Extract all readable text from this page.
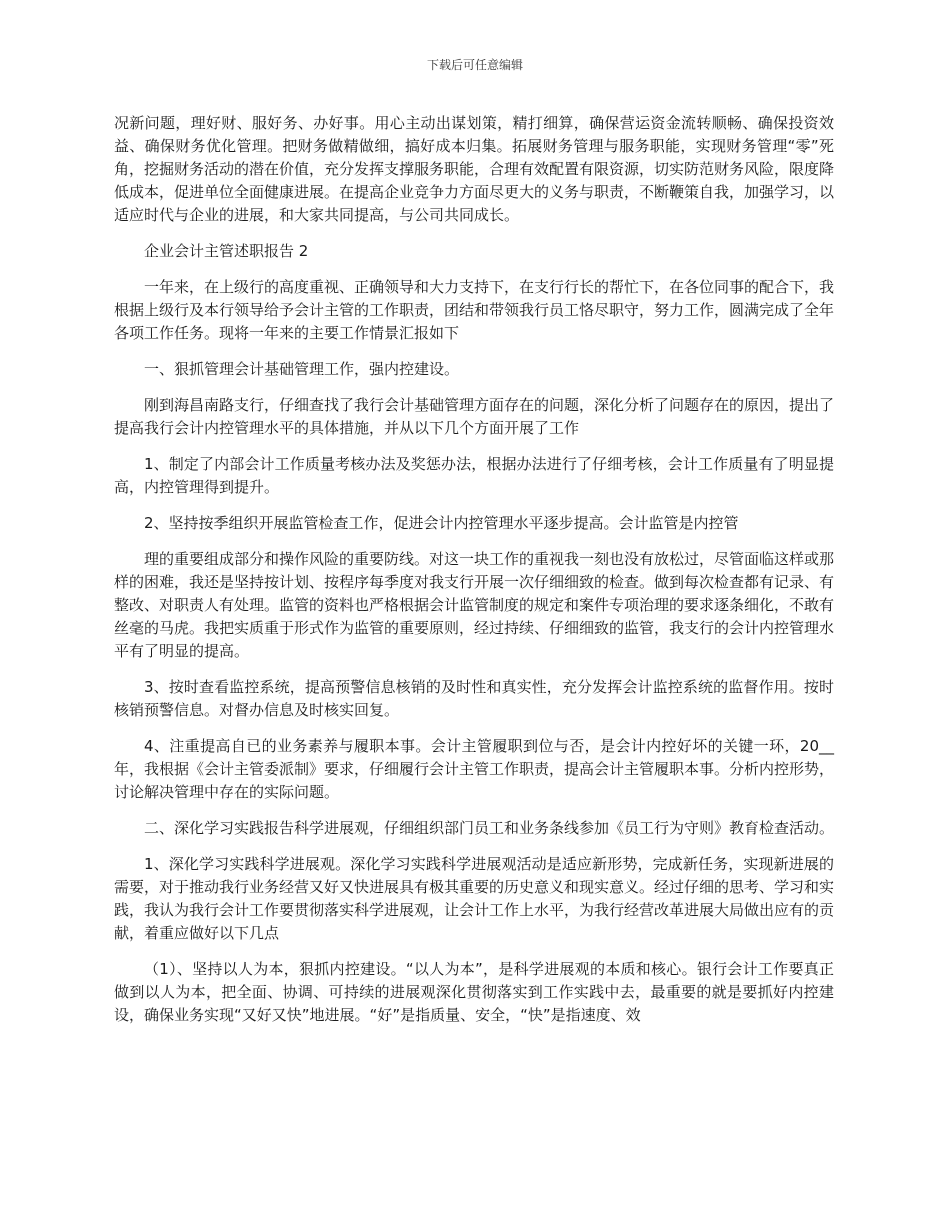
下载后可任意编辑

况新问题，理好财、服好务、办好事。用心主动出谋划策，精打细算，确保营运资金流转顺畅、确保投资效益、确保财务优化管理。把财务做精做细，搞好成本归集。拓展财务管理与服务职能，实现财务管理“零”死角，挖掘财务活动的潜在价值，充分发挥支撑服务职能，合理有效配置有限资源，切实防范财务风险，限度降低成本，促进单位全面健康进展。在提高企业竞争力方面尽更大的义务与职责，不断鞭策自我，加强学习，以适应时代与企业的进展，和大家共同提高，与公司共同成长。

企业会计主管述职报告 2

一年来，在上级行的高度重视、正确领导和大力支持下，在支行行长的帮忙下，在各位同事的配合下，我根据上级行及本行领导给予会计主管的工作职责，团结和带领我行员工恪尽职守，努力工作，圆满完成了全年各项工作任务。现将一年来的主要工作情景汇报如下

一、狠抓管理会计基础管理工作，强内控建设。

刚到海昌南路支行，仔细查找了我行会计基础管理方面存在的问题，深化分析了问题存在的原因，提出了提高我行会计内控管理水平的具体措施，并从以下几个方面开展了工作

1、制定了内部会计工作质量考核办法及奖惩办法，根据办法进行了仔细考核，会计工作质量有了明显提高，内控管理得到提升。

2、坚持按季组织开展监管检查工作，促进会计内控管理水平逐步提高。会计监管是内控管

理的重要组成部分和操作风险的重要防线。对这一块工作的重视我一刻也没有放松过，尽管面临这样或那样的困难，我还是坚持按计划、按程序每季度对我支行开展一次仔细细致的检查。做到每次检查都有记录、有整改、对职责人有处理。监管的资料也严格根据会计监管制度的规定和案件专项治理的要求逐条细化，不敢有丝毫的马虎。我把实质重于形式作为监管的重要原则，经过持续、仔细细致的监管，我支行的会计内控管理水平有了明显的提高。

3、按时查看监控系统，提高预警信息核销的及时性和真实性，充分发挥会计监控系统的监督作用。按时核销预警信息。对督办信息及时核实回复。

4、注重提高自已的业务素养与履职本事。会计主管履职到位与否，是会计内控好坏的关键一环，20__年，我根据《会计主管委派制》要求，仔细履行会计主管工作职责，提高会计主管履职本事。分析内控形势，讨论解决管理中存在的实际问题。

二、深化学习实践报告科学进展观，仔细组织部门员工和业务条线参加《员工行为守则》教育检查活动。

1、深化学习实践科学进展观。深化学习实践科学进展观活动是适应新形势，完成新任务，实现新进展的需要，对于推动我行业务经营又好又快进展具有极其重要的历史意义和现实意义。经过仔细的思考、学习和实践，我认为我行会计工作要贯彻落实科学进展观，让会计工作上水平，为我行经营改革进展大局做出应有的贡献，着重应做好以下几点

（1）、坚持以人为本，狠抓内控建设。“以人为本”，是科学进展观的本质和核心。银行会计工作要真正做到以人为本，把全面、协调、可持续的进展观深化贯彻落实到工作实践中去，最重要的就是要抓好内控建设，确保业务实现“又好又快”地进展。“好”是指质量、安全，“快”是指速度、效
